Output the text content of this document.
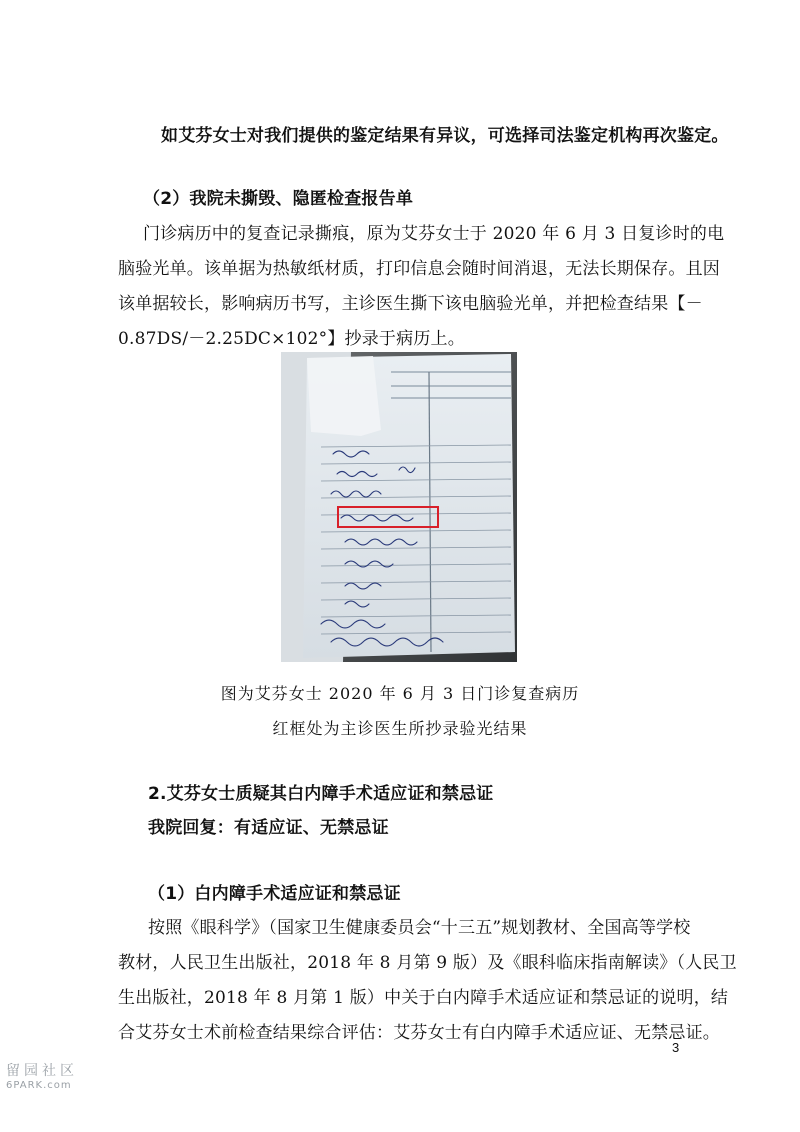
如艾芬女士对我们提供的鉴定结果有异议，可选择司法鉴定机构再次鉴定。
（2）我院未撕毁、隐匿检查报告单
门诊病历中的复查记录撕痕，原为艾芬女士于 2020 年 6 月 3 日复诊时的电
脑验光单。该单据为热敏纸材质，打印信息会随时间消退，无法长期保存。且因
该单据较长，影响病历书写，主诊医生撕下该电脑验光单，并把检查结果【－
0.87DS/－2.25DC×102°】抄录于病历上。
图为艾芬女士 2020 年 6 月 3 日门诊复查病历
红框处为主诊医生所抄录验光结果
2.艾芬女士质疑其白内障手术适应证和禁忌证
我院回复：有适应证、无禁忌证
（1）白内障手术适应证和禁忌证
按照《眼科学》（国家卫生健康委员会“十三五”规划教材、全国高等学校
教材，人民卫生出版社，2018 年 8 月第 9 版）及《眼科临床指南解读》（人民卫
生出版社，2018 年 8 月第 1 版）中关于白内障手术适应证和禁忌证的说明，结
合艾芬女士术前检查结果综合评估：艾芬女士有白内障手术适应证、无禁忌证。
3
留园社区
6PARK.com
